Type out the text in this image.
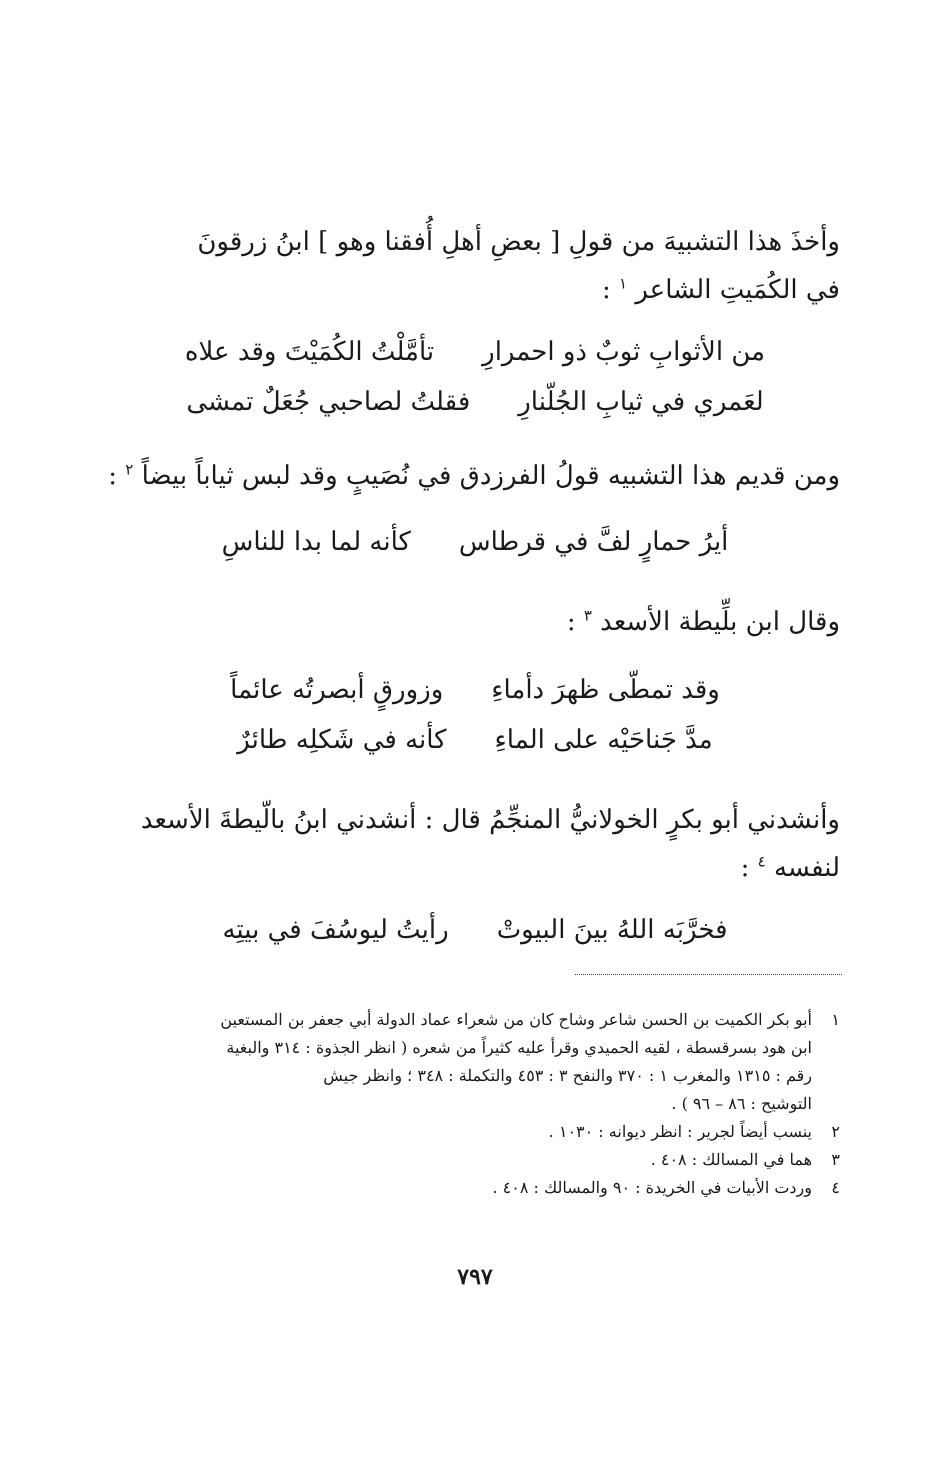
وأخذَ هذا التشبيهَ من قولِ [ بعضِ أهلِ أُفقنا وهو ] ابنُ زرقونَ
في الكُمَيتِ الشاعر $^١$ :
تأمَّلْتُ الكُمَيْتَ وقد علاه من الأثوابِ ثوبٌ ذو احمرارِ
فقلتُ لصاحبي جُعَلٌ تمشى لعَمري في ثيابِ الجُلّنارِ
ومن قديم هذا التشبيه قولُ الفرزدق في نُصَيبٍ وقد لبس ثياباً بيضاً $^٢$ :
كأنه لما بدا للناسِ أيرُ حمارٍ لفَّ في قرطاس
وقال ابن بلِّيطة الأسعد $^٣$ :
وزورقٍ أبصرتُه عائماً وقد تمطّى ظهرَ دأماءِ
كأنه في شَكلِه طائرٌ مدَّ جَناحَيْه على الماءِ
وأنشدني أبو بكرٍ الخولانيُّ المنجِّمُ قال : أنشدني ابنُ بالّيطةَ الأسعد
لنفسه $^٤$ :
رأيتُ ليوسُفَ في بيتِه فخرَّبَه اللهُ بينَ البيوتْ
١أبو بكر الكميت بن الحسن شاعر وشاح كان من شعراء عماد الدولة أبي جعفر بن المستعين
ابن هود بسرقسطة ، لقيه الحميدي وقرأ عليه كثيراً من شعره ( انظر الجذوة : ٣١٤ والبغية
رقم : ١٣١٥ والمغرب ١ : ٣٧٠ والنفح ٣ : ٤٥٣ والتكملة : ٣٤٨ ؛ وانظر جيش
التوشيح : ٨٦ – ٩٦ ) .
٢ينسب أيضاً لجرير : انظر ديوانه : ١٠٣٠ .
٣هما في المسالك : ٤٠٨ .
٤وردت الأبيات في الخريدة : ٩٠ والمسالك : ٤٠٨ .
٧٩٧
